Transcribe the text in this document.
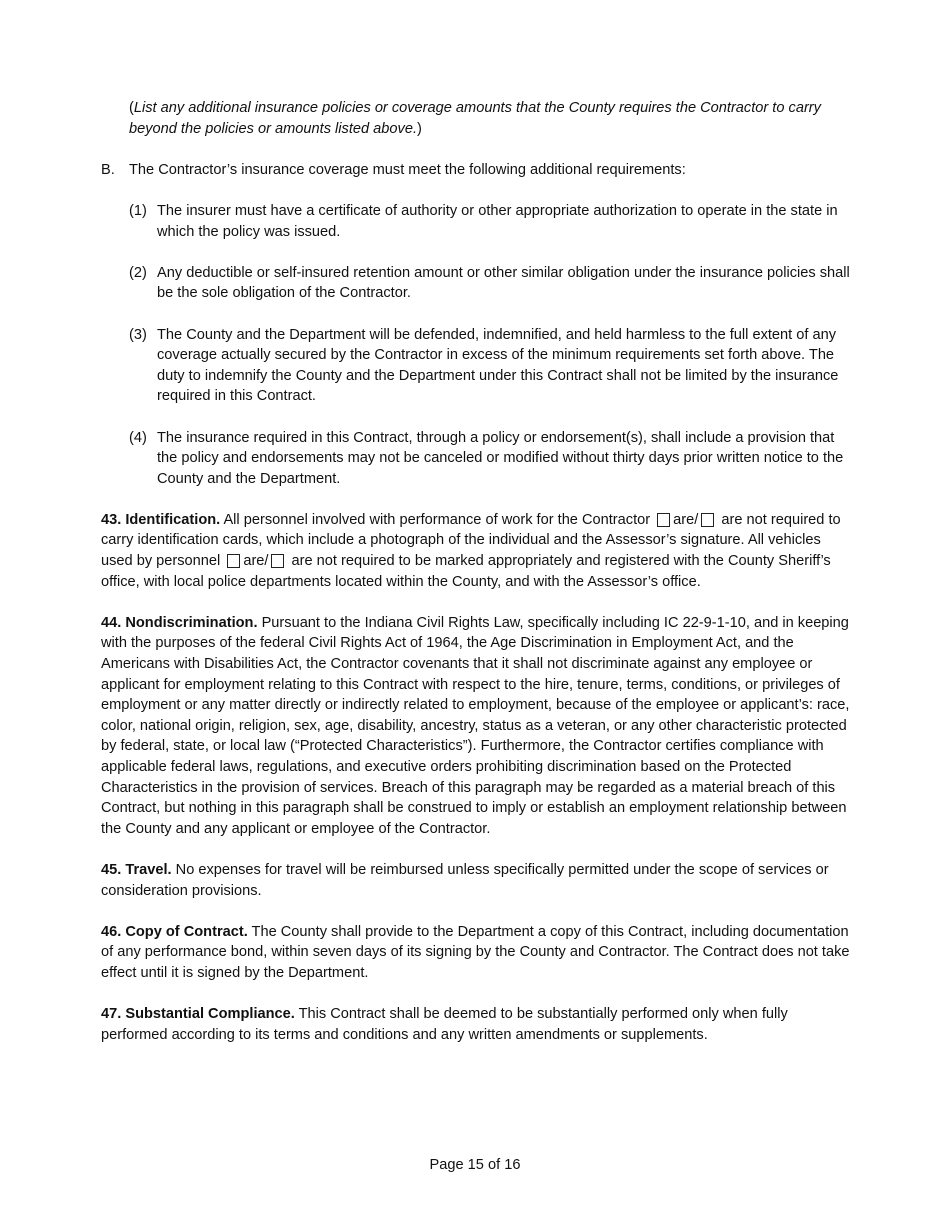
(List any additional insurance policies or coverage amounts that the County requires the Contractor to carry beyond the policies or amounts listed above.)

B. The Contractor’s insurance coverage must meet the following additional requirements:

(1) The insurer must have a certificate of authority or other appropriate authorization to operate in the state in which the policy was issued.

(2) Any deductible or self-insured retention amount or other similar obligation under the insurance policies shall be the sole obligation of the Contractor.

(3) The County and the Department will be defended, indemnified, and held harmless to the full extent of any coverage actually secured by the Contractor in excess of the minimum requirements set forth above. The duty to indemnify the County and the Department under this Contract shall not be limited by the insurance required in this Contract.

(4) The insurance required in this Contract, through a policy or endorsement(s), shall include a provision that the policy and endorsements may not be canceled or modified without thirty days prior written notice to the County and the Department.

43. Identification. All personnel involved with performance of work for the Contractor are/ are not required to carry identification cards, which include a photograph of the individual and the Assessor’s signature. All vehicles used by personnel are/ are not required to be marked appropriately and registered with the County Sheriff’s office, with local police departments located within the County, and with the Assessor’s office.

44. Nondiscrimination. Pursuant to the Indiana Civil Rights Law, specifically including IC 22-9-1-10, and in keeping with the purposes of the federal Civil Rights Act of 1964, the Age Discrimination in Employment Act, and the Americans with Disabilities Act, the Contractor covenants that it shall not discriminate against any employee or applicant for employment relating to this Contract with respect to the hire, tenure, terms, conditions, or privileges of employment or any matter directly or indirectly related to employment, because of the employee or applicant’s: race, color, national origin, religion, sex, age, disability, ancestry, status as a veteran, or any other characteristic protected by federal, state, or local law (“Protected Characteristics”). Furthermore, the Contractor certifies compliance with applicable federal laws, regulations, and executive orders prohibiting discrimination based on the Protected Characteristics in the provision of services. Breach of this paragraph may be regarded as a material breach of this Contract, but nothing in this paragraph shall be construed to imply or establish an employment relationship between the County and any applicant or employee of the Contractor.

45. Travel. No expenses for travel will be reimbursed unless specifically permitted under the scope of services or consideration provisions.

46. Copy of Contract. The County shall provide to the Department a copy of this Contract, including documentation of any performance bond, within seven days of its signing by the County and Contractor. The Contract does not take effect until it is signed by the Department.

47. Substantial Compliance. This Contract shall be deemed to be substantially performed only when fully performed according to its terms and conditions and any written amendments or supplements.

Page 15 of 16
